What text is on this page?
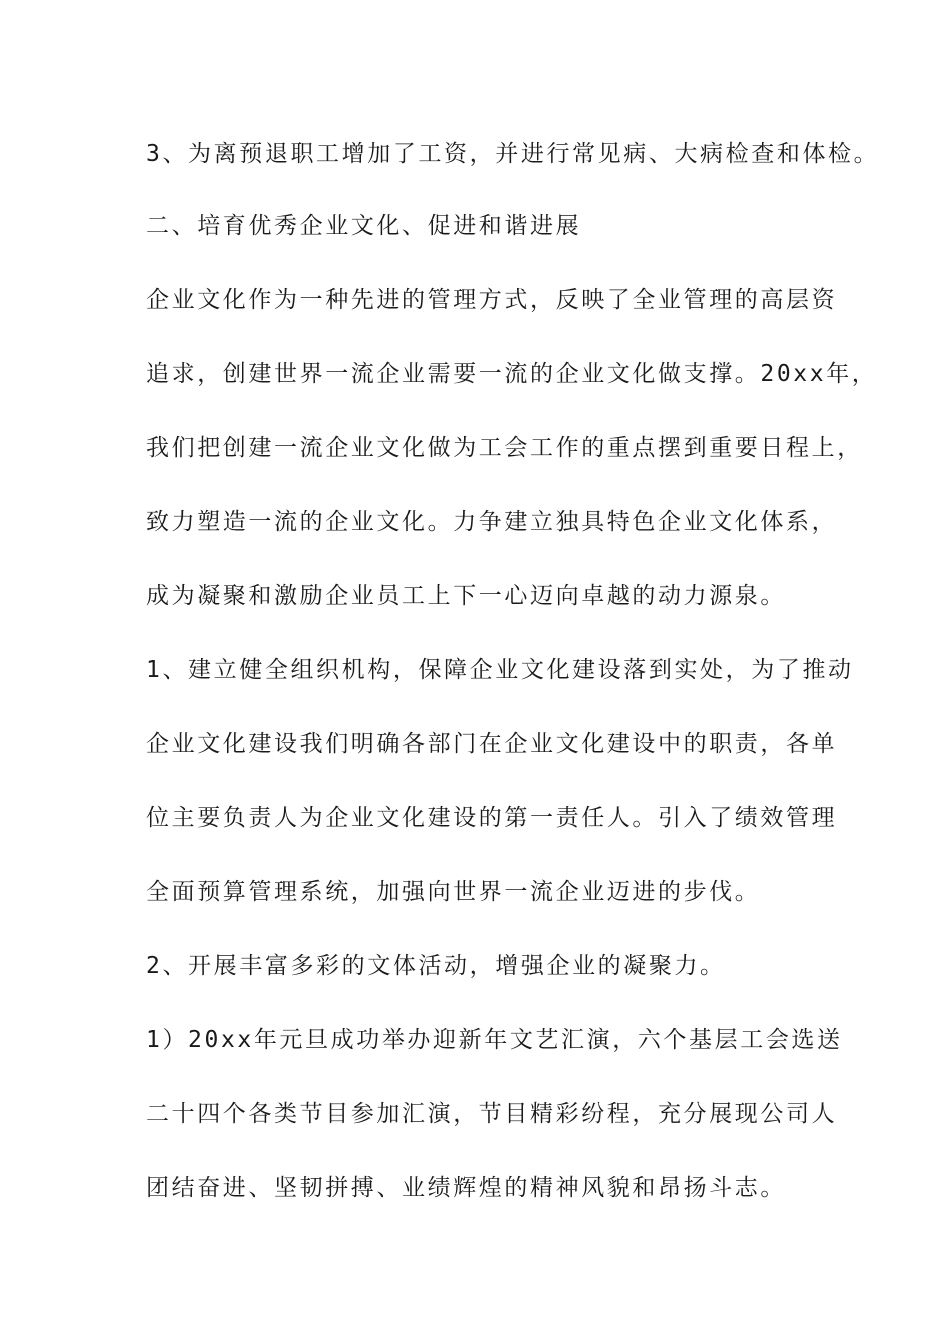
3、为离预退职工增加了工资，并进行常见病、大病检查和体检。
二、培育优秀企业文化、促进和谐进展
企业文化作为一种先进的管理方式，反映了全业管理的高层资
追求，创建世界一流企业需要一流的企业文化做支撑。20xx年，
我们把创建一流企业文化做为工会工作的重点摆到重要日程上，
致力塑造一流的企业文化。力争建立独具特色企业文化体系，
成为凝聚和激励企业员工上下一心迈向卓越的动力源泉。
1、建立健全组织机构，保障企业文化建设落到实处，为了推动
企业文化建设我们明确各部门在企业文化建设中的职责，各单
位主要负责人为企业文化建设的第一责任人。引入了绩效管理
全面预算管理系统，加强向世界一流企业迈进的步伐。
2、开展丰富多彩的文体活动，增强企业的凝聚力。
1）20xx年元旦成功举办迎新年文艺汇演，六个基层工会选送
二十四个各类节目参加汇演，节目精彩纷程，充分展现公司人
团结奋进、坚韧拼搏、业绩辉煌的精神风貌和昂扬斗志。
